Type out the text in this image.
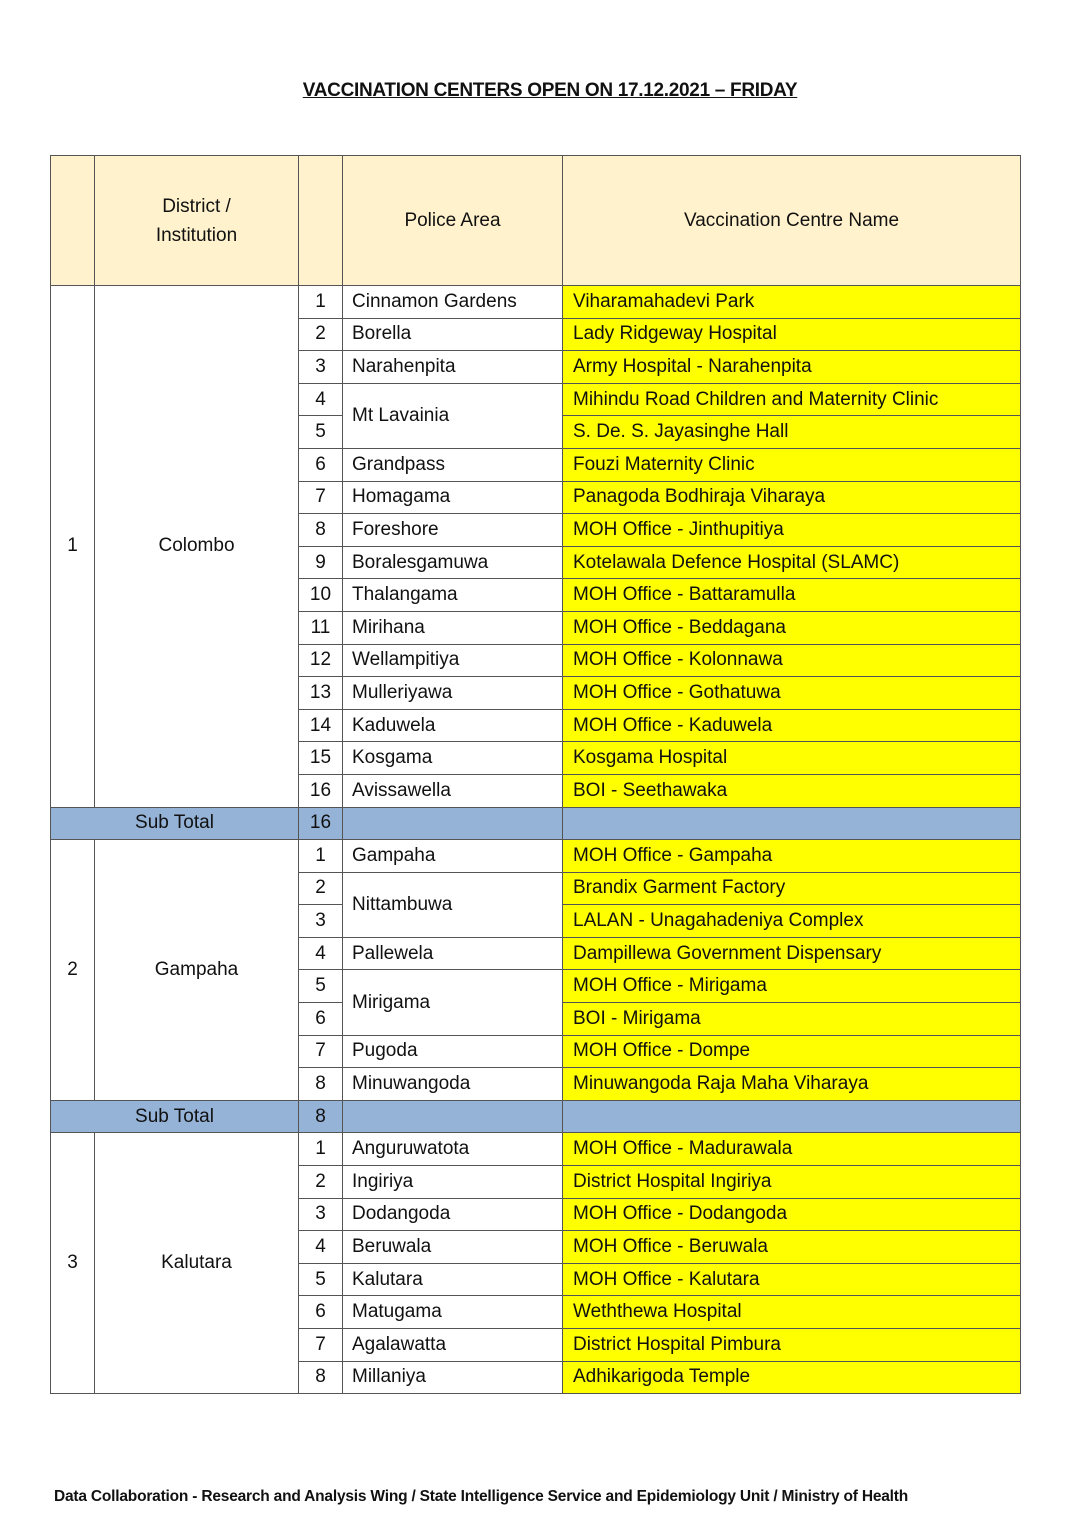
VACCINATION CENTERS OPEN ON 17.12.2021 – FRIDAY

	District /
Institution		Police Area	Vaccination Centre Name
1	Colombo	1	Cinnamon Gardens	Viharamahadevi Park
		2	Borella	Lady Ridgeway Hospital
		3	Narahenpita	Army Hospital - Narahenpita
		4	Mt Lavainia	Mihindu Road Children and Maternity Clinic
		5		S. De. S. Jayasinghe Hall
		6	Grandpass	Fouzi Maternity Clinic
		7	Homagama	Panagoda Bodhiraja Viharaya
		8	Foreshore	MOH Office - Jinthupitiya
		9	Boralesgamuwa	Kotelawala Defence Hospital (SLAMC)
		10	Thalangama	MOH Office - Battaramulla
		11	Mirihana	MOH Office - Beddagana
		12	Wellampitiya	MOH Office - Kolonnawa
		13	Mulleriyawa	MOH Office - Gothatuwa
		14	Kaduwela	MOH Office - Kaduwela
		15	Kosgama	Kosgama Hospital
		16	Avissawella	BOI - Seethawaka
Sub Total		16		
2	Gampaha	1	Gampaha	MOH Office - Gampaha
		2	Nittambuwa	Brandix Garment Factory
		3		LALAN - Unagahadeniya Complex
		4	Pallewela	Dampillewa Government Dispensary
		5	Mirigama	MOH Office - Mirigama
		6		BOI - Mirigama
		7	Pugoda	MOH Office - Dompe
		8	Minuwangoda	Minuwangoda Raja Maha Viharaya
Sub Total		8		
3	Kalutara	1	Anguruwatota	MOH Office - Madurawala
		2	Ingiriya	District Hospital Ingiriya
		3	Dodangoda	MOH Office - Dodangoda
		4	Beruwala	MOH Office - Beruwala
		5	Kalutara	MOH Office - Kalutara
		6	Matugama	Weththewa Hospital
		7	Agalawatta	District Hospital Pimbura
		8	Millaniya	Adhikarigoda Temple
Data Collaboration - Research and Analysis Wing / State Intelligence Service and Epidemiology Unit / Ministry of Health
